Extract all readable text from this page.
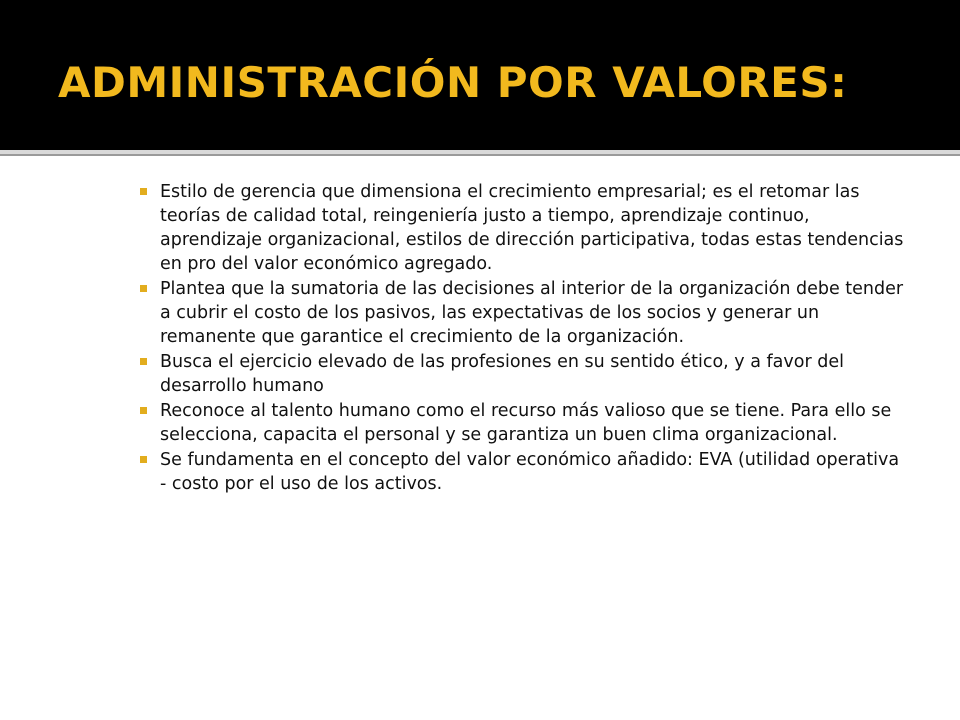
ADMINISTRACIÓN POR VALORES:
Estilo de gerencia que dimensiona el crecimiento empresarial; es el retomar las teorías de calidad total, reingeniería justo a tiempo, aprendizaje continuo, aprendizaje organizacional, estilos de dirección participativa, todas estas tendencias en pro del valor económico agregado.
Plantea que la sumatoria de las decisiones al interior de la organización debe tender a cubrir el costo de los pasivos, las expectativas de los socios y generar un remanente que garantice el crecimiento de la organización.
Busca el ejercicio elevado de las profesiones en su sentido ético, y a favor del desarrollo humano
Reconoce al talento humano como el recurso más valioso que se tiene. Para ello se selecciona, capacita el personal y se garantiza un buen clima organizacional.
Se fundamenta en el concepto del valor económico añadido: EVA (utilidad operativa - costo por el uso de los activos.
